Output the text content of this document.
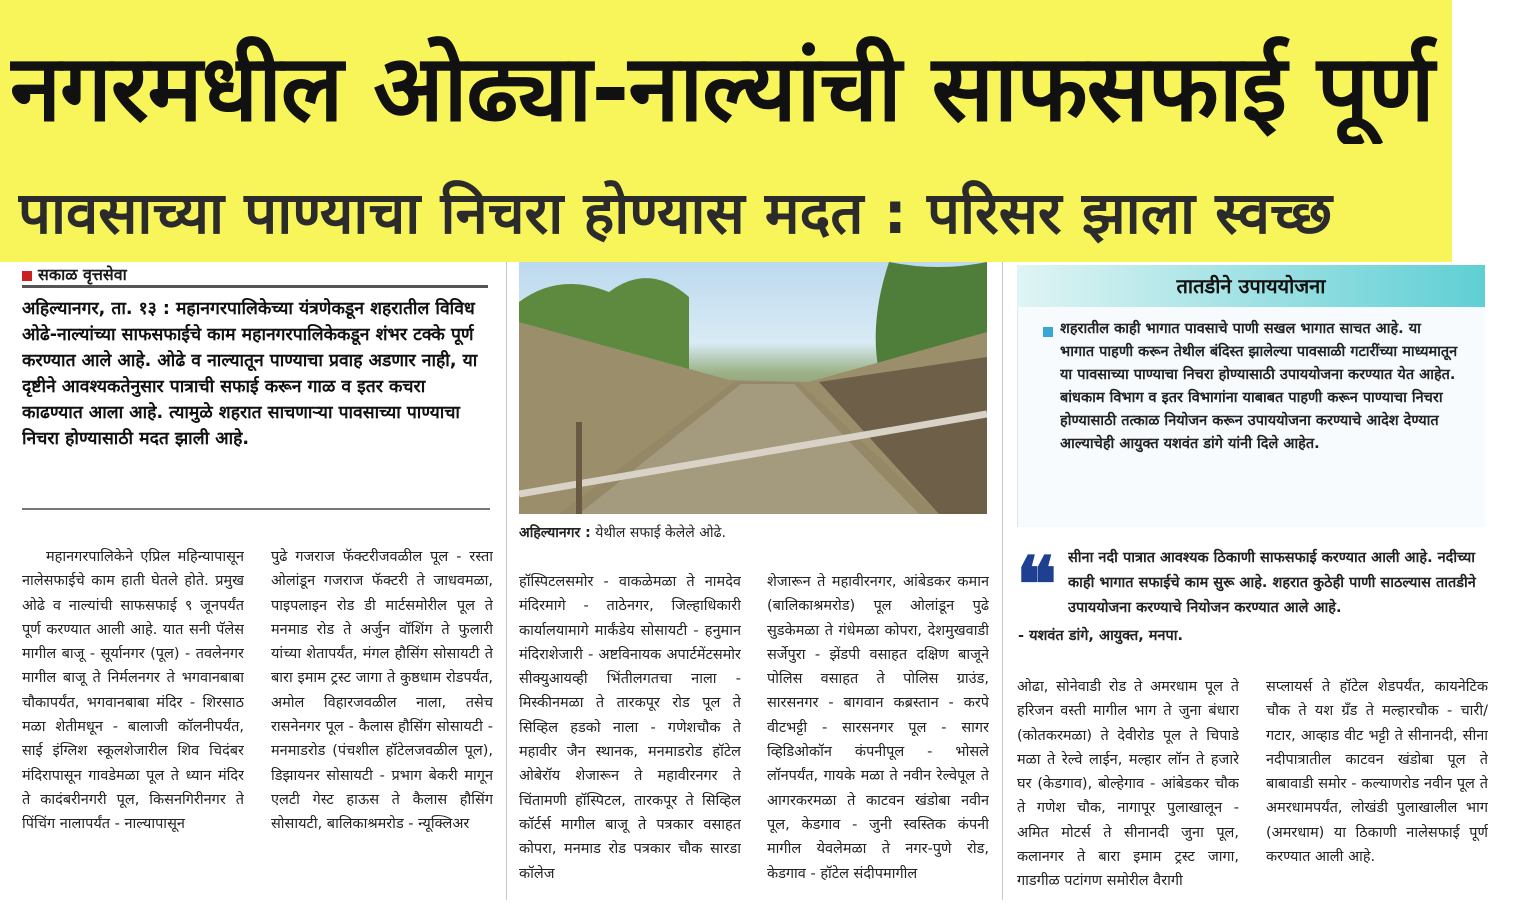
नगरमधील ओढ्या-नाल्यांची साफसफाई पूर्ण
पावसाच्या पाण्याचा निचरा होण्यास मदत : परिसर झाला स्वच्छ
सकाळ वृत्तसेवा

अहिल्यानगर, ता. १३ : महानगरपालिकेच्या यंत्रणेकडून शहरातील विविध ओढे-नाल्यांच्या साफसफाईचे काम महानगरपालिकेकडून शंभर टक्के पूर्ण करण्यात आले आहे. ओढे व नाल्यातून पाण्याचा प्रवाह अडणार नाही, या दृष्टीने आवश्यकतेनुसार पात्राची सफाई करून गाळ व इतर कचरा काढण्यात आला आहे. त्यामुळे शहरात साचणाऱ्या पावसाच्या पाण्याचा निचरा होण्यासाठी मदत झाली आहे.

अहिल्यानगर : येथील सफाई केलेले ओढे.
तातडीने उपाययोजना

शहरातील काही भागात पावसाचे पाणी सखल भागात साचत आहे. या भागात पाहणी करून तेथील बंदिस्त झालेल्या पावसाळी गटारींच्या माध्यमातून या पावसाच्या पाण्याचा निचरा होण्यासाठी उपाययोजना करण्यात येत आहेत. बांधकाम विभाग व इतर विभागांना याबाबत पाहणी करून पाण्याचा निचरा होण्यासाठी तत्काळ नियोजन करून उपाययोजना करण्याचे आदेश देण्यात आल्याचेही आयुक्त यशवंत डांगे यांनी दिले आहेत.

❝ सीना नदी पात्रात आवश्यक ठिकाणी साफसफाई करण्यात आली आहे. नदीच्या काही भागात सफाईचे काम सुरू आहे. शहरात कुठेही पाणी साठल्यास तातडीने उपाययोजना करण्याचे नियोजन करण्यात आले आहे.

- यशवंत डांगे, आयुक्त, मनपा.

महानगरपालिकेने एप्रिल महिन्यापासून नालेसफाईचे काम हाती घेतले होते. प्रमुख ओढे व नाल्यांची साफसफाई ९ जूनपर्यंत पूर्ण करण्यात आली आहे. यात सनी पॅलेस मागील बाजू - सूर्यानगर (पूल) - तवलेनगर मागील बाजू ते निर्मलनगर ते भगवानबाबा चौकापर्यंत, भगवानबाबा मंदिर - शिरसाठ मळा शेतीमधून - बालाजी कॉलनीपर्यंत, साई इंग्लिश स्कूलशेजारील शिव चिदंबर मंदिरापासून गावडेमळा पूल ते ध्यान मंदिर ते कादंबरीनगरी पूल, किसनगिरीनगर ते पिंचिंग नालापर्यंत - नाल्यापासून

पुढे गजराज फॅक्टरीजवळील पूल - रस्ता ओलांडून गजराज फॅक्टरी ते जाधवमळा, पाइपलाइन रोड डी मार्टसमोरील पूल ते मनमाड रोड ते अर्जुन वॉशिंग ते फुलारी यांच्या शेतापर्यंत, मंगल हौसिंग सोसायटी ते बारा इमाम ट्रस्ट जागा ते कुष्ठधाम रोडपर्यंत, अमोल विहारजवळील नाला, तसेच रासनेनगर पूल - कैलास हौसिंग सोसायटी - मनमाडरोड (पंचशील हॉटेलजवळील पूल), डिझायनर सोसायटी - प्रभाग बेकरी मागून एलटी गेस्ट हाऊस ते कैलास हौसिंग सोसायटी, बालिकाश्रमरोड - न्यूक्लिअर

हॉस्पिटलसमोर - वाकळेमळा ते नामदेव मंदिरमागे - ताठेनगर, जिल्हाधिकारी कार्यालयामागे मार्कंडेय सोसायटी - हनुमान मंदिराशेजारी - अष्टविनायक अपार्टमेंटसमोर सीक्युआयव्ही भिंतीलगतचा नाला - मिस्कीनमळा ते तारकपूर रोड पूल ते सिव्हिल हडको नाला - गणेशचौक ते महावीर जैन स्थानक, मनमाडरोड हॉटेल ओबेरॉय शेजारून ते महावीरनगर ते चिंतामणी हॉस्पिटल, तारकपूर ते सिव्हिल कॉर्टर्स मागील बाजू ते पत्रकार वसाहत कोपरा, मनमाड रोड पत्रकार चौक सारडा कॉलेज

शेजारून ते महावीरनगर, आंबेडकर कमान (बालिकाश्रमरोड) पूल ओलांडून पुढे सुडकेमळा ते गंधेमळा कोपरा, देशमुखवाडी सर्जेपुरा - झेंडपी वसाहत दक्षिण बाजूने पोलिस वसाहत ते पोलिस ग्राउंड, सारसनगर - बागवान कब्रस्तान - करपे वीटभट्टी - सारसनगर पूल - सागर व्हिडिओकॉन कंपनीपूल - भोसले लॉनपर्यंत, गायके मळा ते नवीन रेल्वेपूल ते आगरकरमळा ते काटवन खंडोबा नवीन पूल, केडगाव - जुनी स्वस्तिक कंपनी मागील येवलेमळा ते नगर-पुणे रोड, केडगाव - हॉटेल संदीपमागील

ओढा, सोनेवाडी रोड ते अमरधाम पूल ते हरिजन वस्ती मागील भाग ते जुना बंधारा (कोतकरमळा) ते देवीरोड पूल ते चिपाडे मळा ते रेल्वे लाईन, मल्हार लॉन ते हजारे घर (केडगाव), बोल्हेगाव - आंबेडकर चौक ते गणेश चौक, नागापूर पुलाखालून - अमित मोटर्स ते सीनानदी जुना पूल, कलानगर ते बारा इमाम ट्रस्ट जागा, गाडगीळ पटांगण समोरील वैरागी

सप्लायर्स ते हॉटेल शेडपर्यंत, कायनेटिक चौक ते यश ग्रँड ते मल्हारचौक - चारी/गटार, आव्हाड वीट भट्टी ते सीनानदी, सीना नदीपात्रातील काटवन खंडोबा पूल ते बाबावाडी समोर - कल्याणरोड नवीन पूल ते अमरधामपर्यंत, लोखंडी पुलाखालील भाग (अमरधाम) या ठिकाणी नालेसफाई पूर्ण करण्यात आली आहे.
